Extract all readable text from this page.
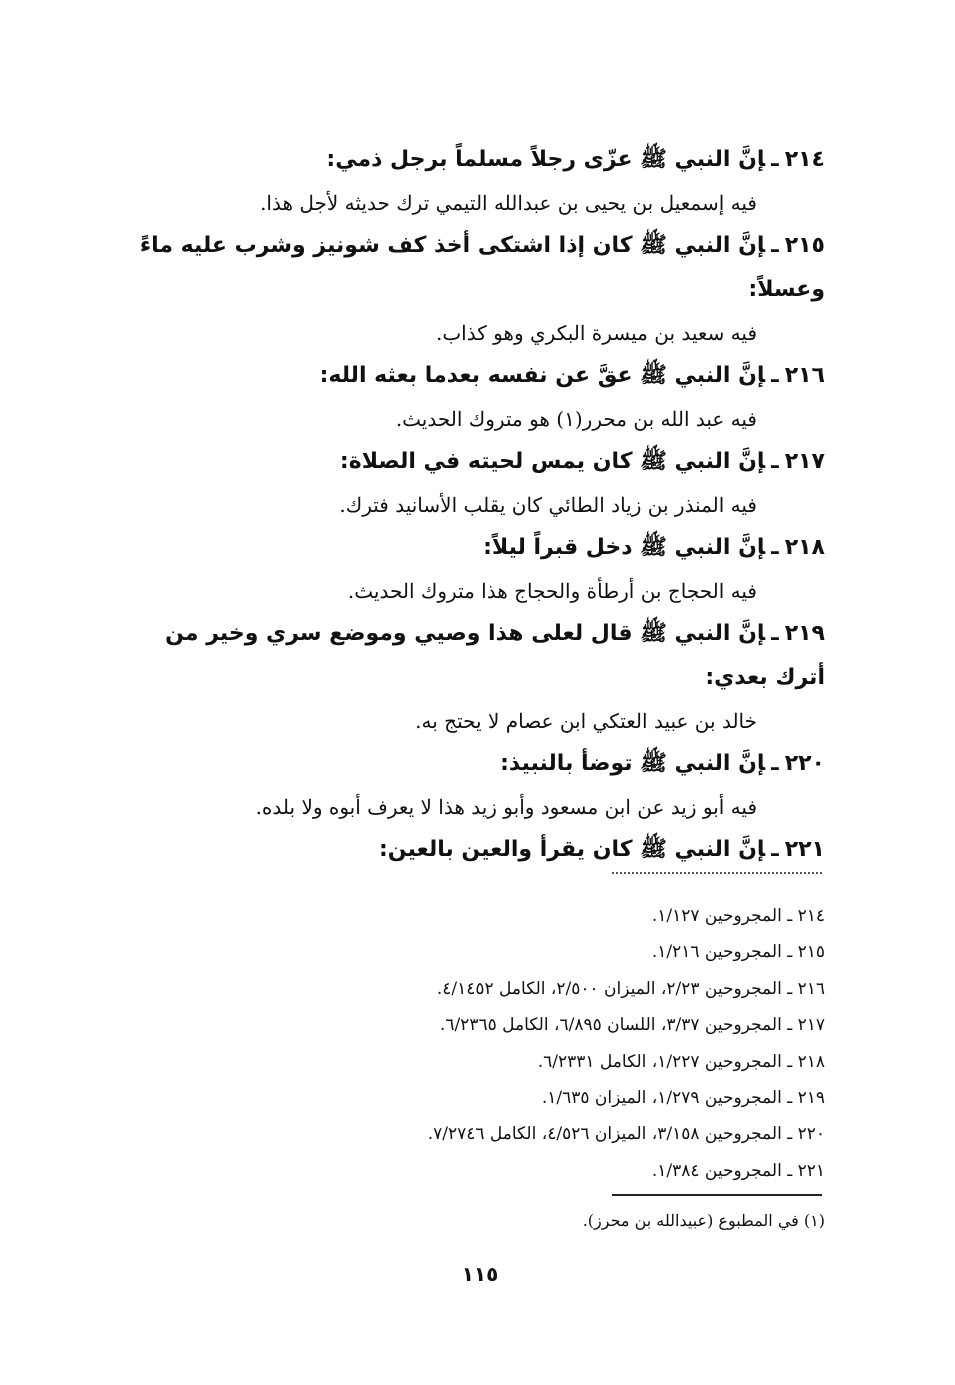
٢١٤ـإنَّ النبي ﷺ عزّى رجلاً مسلماً برجل ذمي:

فيه إسمعيل بن يحيى بن عبدالله التيمي ترك حديثه لأجل هذا.

٢١٥ـإنَّ النبي ﷺ كان إذا اشتكى أخذ كف شونيز وشرب عليه ماءً وعسلاً:

فيه سعيد بن ميسرة البكري وهو كذاب.

٢١٦ـإنَّ النبي ﷺ عقَّ عن نفسه بعدما بعثه الله:

فيه عبد الله بن محرر(١) هو متروك الحديث.

٢١٧ـإنَّ النبي ﷺ كان يمس لحيته في الصلاة:

فيه المنذر بن زياد الطائي كان يقلب الأسانيد فترك.

٢١٨ـإنَّ النبي ﷺ دخل قبراً ليلاً:

فيه الحجاج بن أرطأة والحجاج هذا متروك الحديث.

٢١٩ـإنَّ النبي ﷺ قال لعلى هذا وصيي وموضع سري وخير من أترك بعدي:

خالد بن عبيد العتكي ابن عصام لا يحتج به.

٢٢٠ـإنَّ النبي ﷺ توضأ بالنبيذ:

فيه أبو زيد عن ابن مسعود وأبو زيد هذا لا يعرف أبوه ولا بلده.

٢٢١ـإنَّ النبي ﷺ كان يقرأ والعين بالعين:

٢١٤ ـ المجروحين ١/١٢٧.
٢١٥ ـ المجروحين ١/٢١٦.
٢١٦ ـ المجروحين ٢/٢٣، الميزان ٢/٥٠٠، الكامل ٤/١٤٥٢.
٢١٧ ـ المجروحين ٣/٣٧، اللسان ٦/٨٩٥، الكامل ٦/٢٣٦٥.
٢١٨ ـ المجروحين ١/٢٢٧، الكامل ٦/٢٣٣١.
٢١٩ ـ المجروحين ١/٢٧٩، الميزان ١/٦٣٥.
٢٢٠ ـ المجروحين ٣/١٥٨، الميزان ٤/٥٢٦، الكامل ٧/٢٧٤٦.
٢٢١ ـ المجروحين ١/٣٨٤.
(١) في المطبوع (عبيدالله بن محرز).
١١٥
